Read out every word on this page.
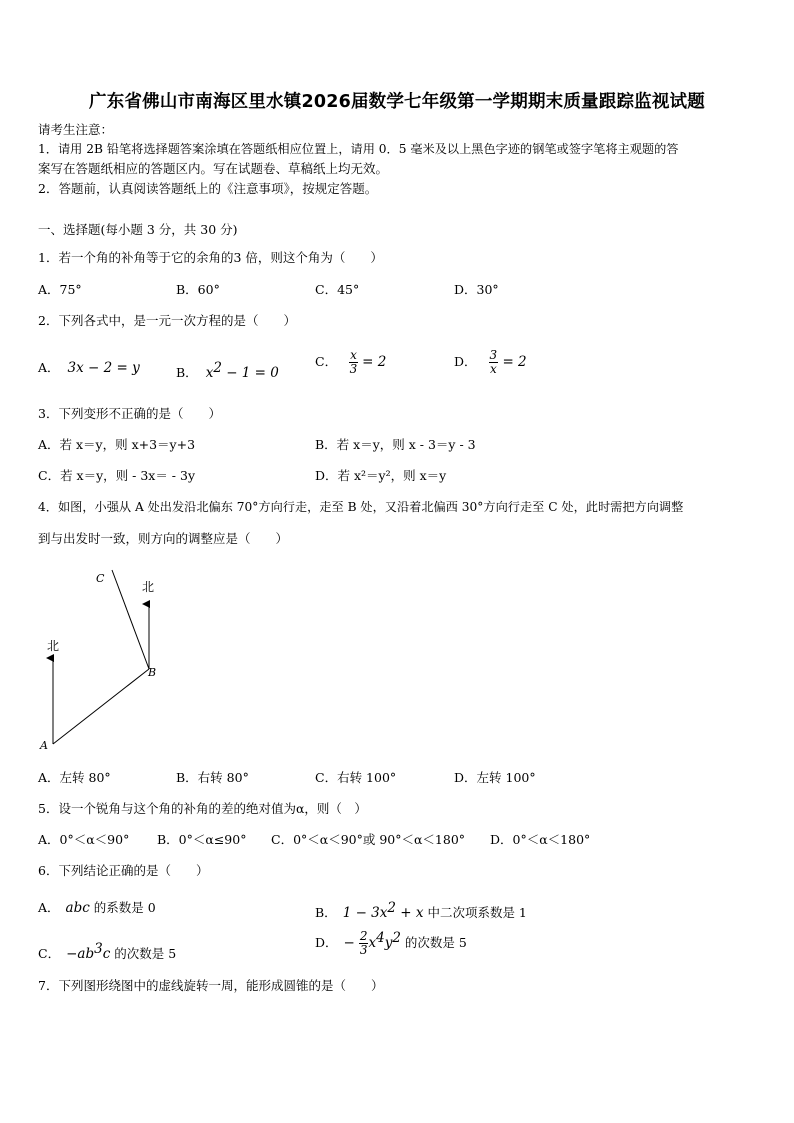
广东省佛山市南海区里水镇2026届数学七年级第一学期期末质量跟踪监视试题
请考生注意：
1．请用 2B 铅笔将选择题答案涂填在答题纸相应位置上，请用 0．5 毫米及以上黑色字迹的钢笔或签字笔将主观题的答
案写在答题纸相应的答题区内。写在试题卷、草稿纸上均无效。
2．答题前，认真阅读答题纸上的《注意事项》，按规定答题。
一、选择题(每小题 3 分，共 30 分)
1．若一个角的补角等于它的余角的3 倍，则这个角为（　　）
A．75°	B．60°	C．45°	D．30°
2．下列各式中，是一元一次方程的是（　　）
A． 3x − 2 = y	B． $x^2 - 1 = 0$
C． $\frac{x}{3} = 2$	D． $\frac{3}{x} = 2$
3．下列变形不正确的是（　　）
A．若 x＝y，则 x+3＝y+3	B．若 x＝y，则 x - 3＝y - 3
C．若 x＝y，则 - 3x＝ - 3y	D．若 x²＝y²，则 x＝y
4．如图，小强从 A 处出发沿北偏东 70°方向行走，走至 B 处，又沿着北偏西 30°方向行走至 C 处，此时需把方向调整
到与出发时一致，则方向的调整应是（　　）
北
北
A
B
C
A．左转 80°	B．右转 80°	C．右转 100°	D．左转 100°
5．设一个锐角与这个角的补角的差的绝对值为α，则（　）
A．0°＜α＜90° B．0°＜α≤90° C．0°＜α＜90°或 90°＜α＜180° D．0°＜α＜180°
6．下列结论正确的是（　　）
A． abc 的系数是 0	B． $1 - 3x^2 + x$ 中二次项系数是 1
C． $-ab^3c$ 的次数是 5
D． − $\frac{2}{3} x^4y^2$ 的次数是 5
7．下列图形绕图中的虚线旋转一周，能形成圆锥的是（　　）
